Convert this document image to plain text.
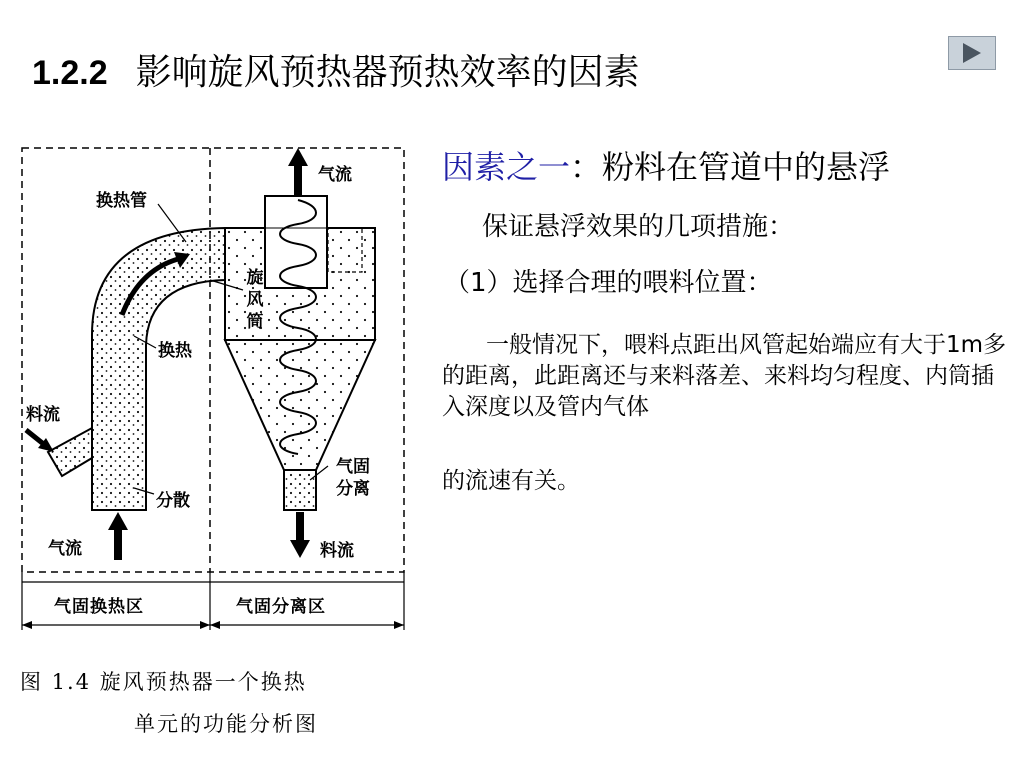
1.2.2 影响旋风预热器预热效率的因素
换热管
气流
旋
风
筒
换热
料流
气固
分离
分散
气流	料流
气固换热区	气固分离区
图 1.4 旋风预热器一个换热
单元的功能分析图
因素之一：粉料在管道中的悬浮
保证悬浮效果的几项措施：
（1）选择合理的喂料位置：
一般情况下，喂料点距出风管起始端应有大于1m多的距离，此距离还与来料落差、来料均匀程度、内筒插入深度以及管内气体
的流速有关。
